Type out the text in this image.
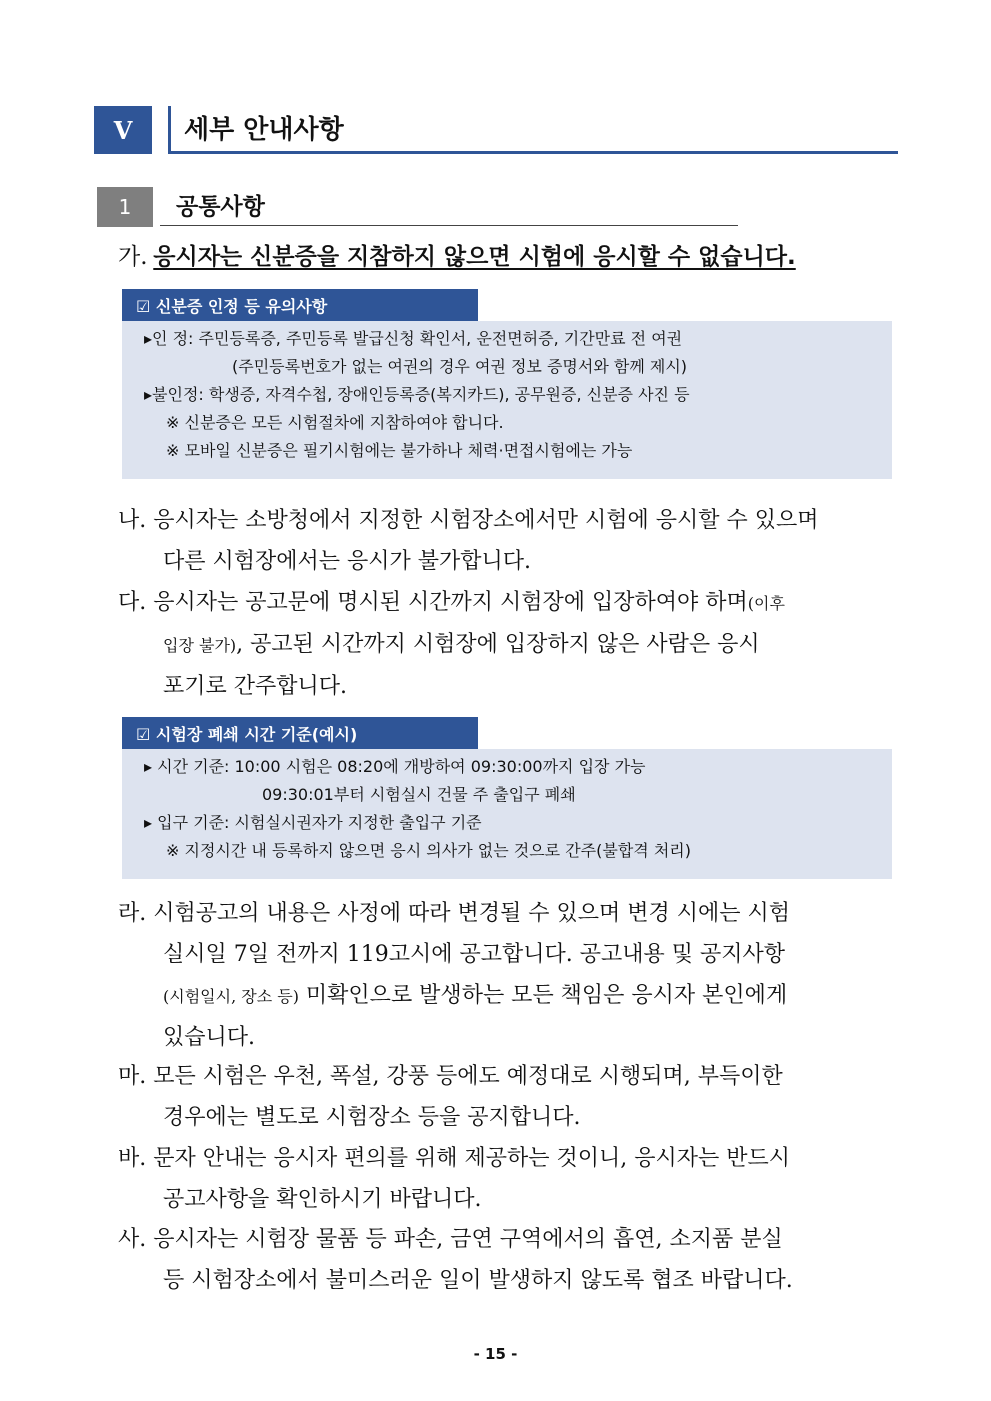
V	세부 안내사항
1	공통사항
가. 응시자는 신분증을 지참하지 않으면 시험에 응시할 수 없습니다.
☑ 신분증 인정 등 유의사항

▸인 정: 주민등록증, 주민등록 발급신청 확인서, 운전면허증, 기간만료 전 여권

(주민등록번호가 없는 여권의 경우 여권 정보 증명서와 함께 제시)

▸불인정: 학생증, 자격수첩, 장애인등록증(복지카드), 공무원증, 신분증 사진 등

※ 신분증은 모든 시험절차에 지참하여야 합니다.

※ 모바일 신분증은 필기시험에는 불가하나 체력·면접시험에는 가능

나. 응시자는 소방청에서 지정한 시험장소에서만 시험에 응시할 수 있으며

다른 시험장에서는 응시가 불가합니다.

다. 응시자는 공고문에 명시된 시간까지 시험장에 입장하여야 하며(이후

입장 불가), 공고된 시간까지 시험장에 입장하지 않은 사람은 응시

포기로 간주합니다.

☑ 시험장 폐쇄 시간 기준(예시)

▸ 시간 기준: 10:00 시험은 08:20에 개방하여 09:30:00까지 입장 가능

09:30:01부터 시험실시 건물 주 출입구 폐쇄

▸ 입구 기준: 시험실시권자가 지정한 출입구 기준

※ 지정시간 내 등록하지 않으면 응시 의사가 없는 것으로 간주(불합격 처리)

라. 시험공고의 내용은 사정에 따라 변경될 수 있으며 변경 시에는 시험

실시일 7일 전까지 119고시에 공고합니다. 공고내용 및 공지사항

(시험일시, 장소 등) 미확인으로 발생하는 모든 책임은 응시자 본인에게

있습니다.

마. 모든 시험은 우천, 폭설, 강풍 등에도 예정대로 시행되며, 부득이한

경우에는 별도로 시험장소 등을 공지합니다.

바. 문자 안내는 응시자 편의를 위해 제공하는 것이니, 응시자는 반드시

공고사항을 확인하시기 바랍니다.

사. 응시자는 시험장 물품 등 파손, 금연 구역에서의 흡연, 소지품 분실

등 시험장소에서 불미스러운 일이 발생하지 않도록 협조 바랍니다.

- 15 -
